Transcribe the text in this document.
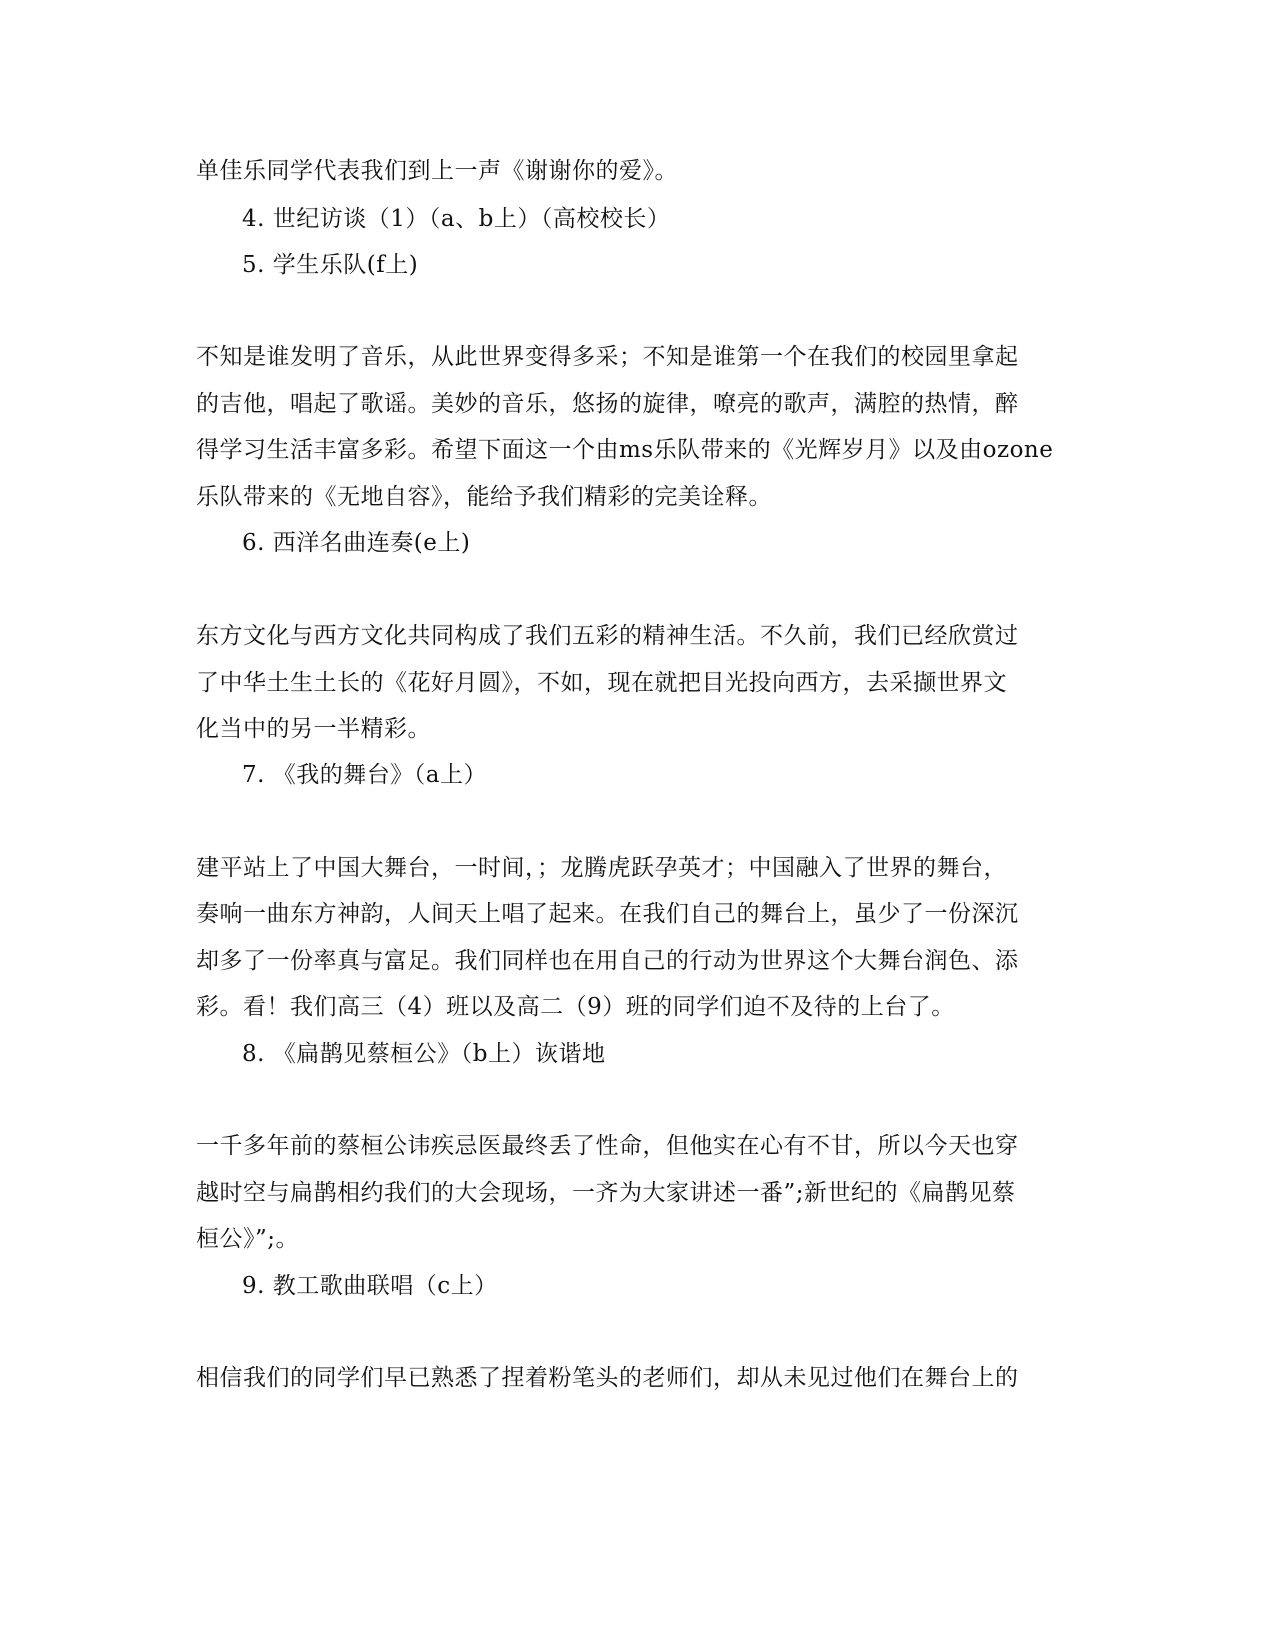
单佳乐同学代表我们到上一声《谢谢你的爱》。
4. 世纪访谈（1）（a、b上）（高校校长）
5. 学生乐队(f上)
不知是谁发明了音乐，从此世界变得多采；不知是谁第一个在我们的校园里拿起
的吉他，唱起了歌谣。美妙的音乐，悠扬的旋律，嘹亮的歌声，满腔的热情，醉
得学习生活丰富多彩。希望下面这一个由ms乐队带来的《光辉岁月》以及由ozone
乐队带来的《无地自容》，能给予我们精彩的完美诠释。
6. 西洋名曲连奏(e上)
东方文化与西方文化共同构成了我们五彩的精神生活。不久前，我们已经欣赏过
了中华土生土长的《花好月圆》，不如，现在就把目光投向西方，去采撷世界文
化当中的另一半精彩。
7. 《我的舞台》（a上）
建平站上了中国大舞台，一时间，；龙腾虎跃孕英才；中国融入了世界的舞台，
奏响一曲东方神韵，人间天上唱了起来。在我们自己的舞台上，虽少了一份深沉
却多了一份率真与富足。我们同样也在用自己的行动为世界这个大舞台润色、添
彩。看！我们高三（4）班以及高二（9）班的同学们迫不及待的上台了。
8. 《扁鹊见蔡桓公》（b上）诙谐地
一千多年前的蔡桓公讳疾忌医最终丢了性命，但他实在心有不甘，所以今天也穿
越时空与扁鹊相约我们的大会现场，一齐为大家讲述一番”;新世纪的《扁鹊见蔡
桓公》”;。
9. 教工歌曲联唱（c上）
相信我们的同学们早已熟悉了捏着粉笔头的老师们，却从未见过他们在舞台上的
